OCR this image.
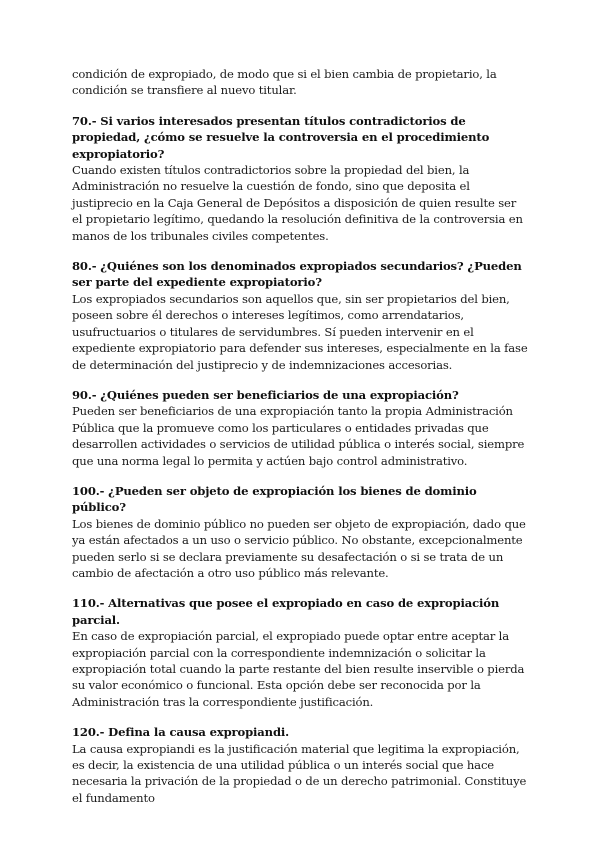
condición de expropiado, de modo que si el bien cambia de propietario, la condición se transfiere al nuevo titular.

70.- Si varios interesados presentan títulos contradictorios de propiedad, ¿cómo se resuelve la controversia en el procedimiento expropiatorio?

Cuando existen títulos contradictorios sobre la propiedad del bien, la Administración no resuelve la cuestión de fondo, sino que deposita el justiprecio en la Caja General de Depósitos a disposición de quien resulte ser el propietario legítimo, quedando la resolución definitiva de la controversia en manos de los tribunales civiles competentes.

80.- ¿Quiénes son los denominados expropiados secundarios? ¿Pueden ser parte del expediente expropiatorio?

Los expropiados secundarios son aquellos que, sin ser propietarios del bien, poseen sobre él derechos o intereses legítimos, como arrendatarios, usufructuarios o titulares de servidumbres. Sí pueden intervenir en el expediente expropiatorio para defender sus intereses, especialmente en la fase de determinación del justiprecio y de indemnizaciones accesorias.

90.- ¿Quiénes pueden ser beneficiarios de una expropiación?

Pueden ser beneficiarios de una expropiación tanto la propia Administración Pública que la promueve como los particulares o entidades privadas que desarrollen actividades o servicios de utilidad pública o interés social, siempre que una norma legal lo permita y actúen bajo control administrativo.

100.- ¿Pueden ser objeto de expropiación los bienes de dominio público?

Los bienes de dominio público no pueden ser objeto de expropiación, dado que ya están afectados a un uso o servicio público. No obstante, excepcionalmente pueden serlo si se declara previamente su desafectación o si se trata de un cambio de afectación a otro uso público más relevante.

110.- Alternativas que posee el expropiado en caso de expropiación parcial.

En caso de expropiación parcial, el expropiado puede optar entre aceptar la expropiación parcial con la correspondiente indemnización o solicitar la expropiación total cuando la parte restante del bien resulte inservible o pierda su valor económico o funcional. Esta opción debe ser reconocida por la Administración tras la correspondiente justificación.

120.- Defina la causa expropiandi.

La causa expropiandi es la justificación material que legitima la expropiación, es decir, la existencia de una utilidad pública o un interés social que hace necesaria la privación de la propiedad o de un derecho patrimonial. Constituye el fundamento
